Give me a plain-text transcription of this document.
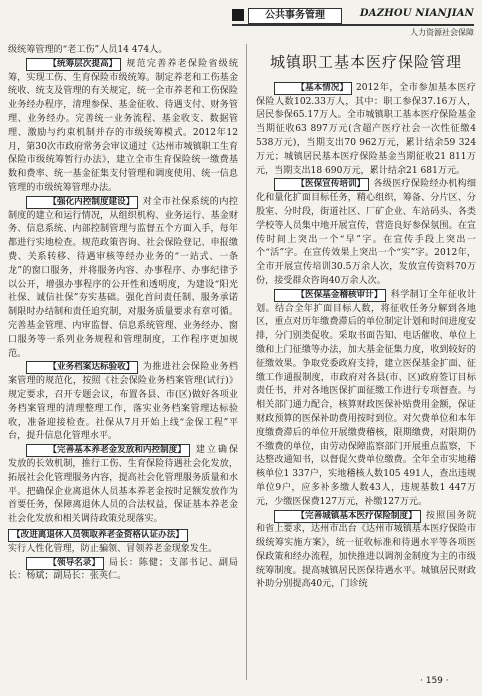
公共事务管理	DAZHOU NIANJIAN
人力资源社会保障

级统筹管理的“老工伤”人员14 474人。

【统筹层次提高】 规范完善养老保险省级统筹，实现工伤、生育保险市级统筹。制定养老和工伤基金统收、统支及管理的有关规定，统一全市养老和工伤保险业务经办程序，清理参保、基金征收、待遇支付、财务管理、业务经办。完善统一业务流程、基金收支、数据管理、激励与约束机制并存的市级统筹模式。2012年12月，第30次市政府常务会审议通过《达州市城镇职工生育保险市级统筹暂行办法》，建立全市生育保险统一缴费基数和费率、统一基金征集支付管理和调度使用、统一信息管理的市级统筹管理办法。

【强化内控制度建设】 对全市社保系统的内控制度的建立和运行情况，从组织机构、业务运行、基金财务、信息系统、内部控制管理与监督五个方面入手，每年都进行实地检查。规范政策咨询、社会保险登记、申报缴费、关系转移、待遇审核等经办业务的“一站式、一条龙”的窗口服务，并将服务内容、办事程序、办事纪律予以公开，增强办事程序的公开性和透明度，为建设“阳光社保、诚信社保”夯实基础。强化首问责任制、服务承诺制限时办结制和责任追究制，对服务质量要求有章可循。完善基金管理、内审监督、信息系统管理、业务经办、窗口服务等一系列业务规程和管理制度，工作程序更加规范。

【业务档案达标验收】 为推进社会保险业务档案管理的规范化，按照《社会保险业务档案管理(试行)》规定要求，召开专题会议，布置各县、市(区)做好各项业务档案管理的清理整理工作，落实业务档案管理达标验收，准备迎接检查。社保从7月开始上线“金保工程”平台，提升信息化管理水平。

【完善基本养老金发放和内控制度】 建立确保发放的长效机制，推行工伤、生育保险待遇社会化发放，拓展社会化管理服务内容，提高社会化管理服务质量和水平。把确保企业离退休人员基本养老金按时足额发放作为首要任务，保障离退休人员的合法权益，保证基本养老金社会化发放和相关调待政策兑现落实。

【改进离退休人员领取养老金资格认证办法】

实行人性化管理，防止骗领、冒领养老金现象发生。

【领导名录】 局长：陈健；支部书记、副局长：杨斌；副局长：张英仁。

城镇职工基本医疗保险管理

【基本情况】 2012年，全市参加基本医疗保险人数102.33万人，其中：职工参保37.16万人，居民参保65.17万人。全市城镇职工基本医疗保险基金当期征收63 897万元(含超产医疗社会一次性征缴4 538万元)，当期支出70 962万元，累计结余59 324万元；城镇居民基本医疗保险基金当期征收21 811万元，当期支出18 690万元，累计结余21 681万元。

【医保宣传培训】 各级医疗保险经办机构细化和量化扩面目标任务，精心组织，筹备、分片区、分股室、分时段，街道社区、厂矿企业、车站码头、各类学校等人员集中地开展宣传，营造良好参保氛围。在宣传时间上突出一个“早”字。在宣传手段上突出一个“活”字。在宣传效果上突出一个“实”字。2012年，全市开展宣传培训30.5万余人次，发放宣传资料70万份，接受群众咨询40万余人次。

【医保基金稽核审计】 科学制订全年征收计划。结合全年扩面目标人数，将征收任务分解到各地区，重点对历年缴费滞后的单位制定计划和时间进度安排，分门别类促收。采取书面告知、电话催收、单位上缴和上门征缴等办法，加大基金征集力度，收到较好的征缴效果。争取党委政府支持，建立医保基金扩面、征缴工作通报制度，市政府对各县(市、区)政府签订目标责任书，并对各地医保扩面征缴工作进行专项督查。与相关部门通力配合，核算财政医保补贴费用金额，保证财政预算的医保补助费用按时到位。对欠费单位和本年度缴费滞后的单位开展缴费稽核，限期缴费，对限期仍不缴费的单位，由劳动保障监察部门开展重点监察，下达整改通知书，以督促欠费单位缴费。全年全市实地稽核单位1 337户，实地稽核人数105 491人，查出违规单位9户，应多补多缴人数43人，违规基数1 447万元，少缴医保费127万元，补缴127万元。

【完善城镇基本医疗保险制度】 按照国务院和省上要求，达州市出台《达州市城镇基本医疗保险市级统筹实施方案》，统一征收标准和待遇水平等各项医保政策和经办流程，加快推进以调剂金制度为主的市级统筹制度。提高城镇居民医保待遇水平。城镇居民财政补助分别提高40元，门诊统

· 159 ·
